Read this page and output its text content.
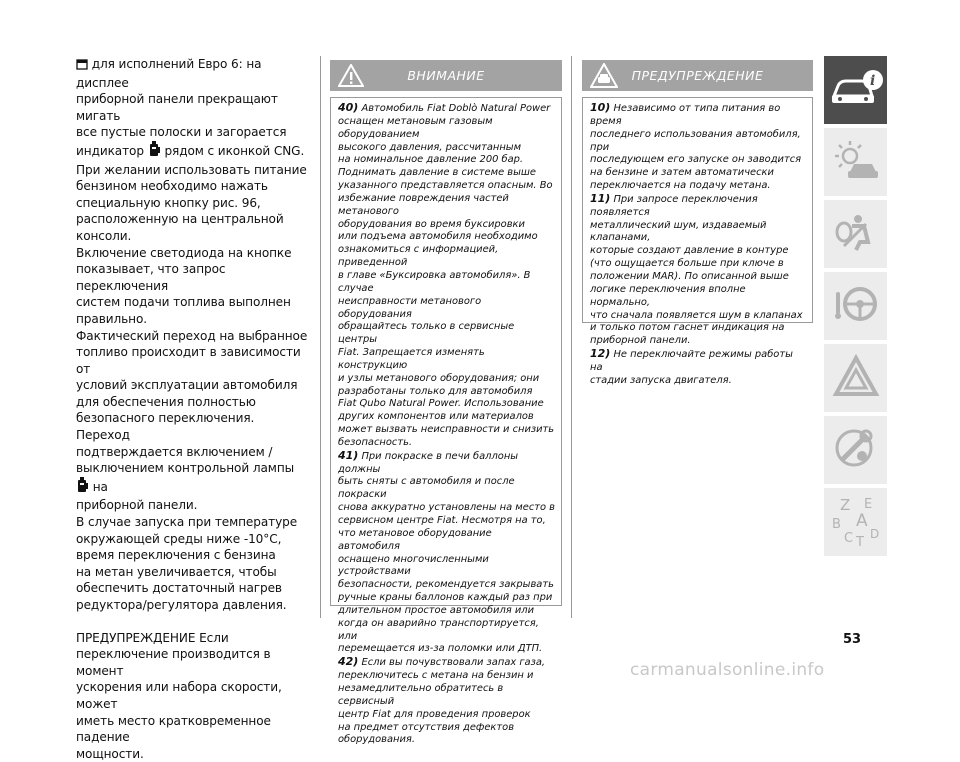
для исполнений Евро 6: на дисплее

приборной панели прекращают мигать

все пустые полоски и загорается

индикатор рядом с иконкой CNG.

При желании использовать питание

бензином необходимо нажать

специальную кнопку рис. 96,

расположенную на центральной

консоли.

Включение светодиода на кнопке

показывает, что запрос переключения

систем подачи топлива выполнен

правильно.

Фактический переход на выбранное

топливо происходит в зависимости от

условий эксплуатации автомобиля

для обеспечения полностью

безопасного переключения. Переход

подтверждается включением /

выключением контрольной лампы  на

приборной панели.

В случае запуска при температуре

окружающей среды ниже -10°C,

время переключения с бензина

на метан увеличивается, чтобы

обеспечить достаточный нагрев

редуктора/регулятора давления.

ПРЕДУПРЕЖДЕНИЕ Если

переключение производится в момент

ускорения или набора скорости, может

иметь место кратковременное падение

мощности.

ВНИМАНИЕ

40) Автомобиль Fiat Doblò Natural Power

оснащен метановым газовым оборудованием

высокого давления, рассчитанным

на номинальное давление 200 бар.

Поднимать давление в системе выше

указанного представляется опасным. Во

избежание повреждения частей метанового

оборудования во время буксировки

или подъема автомобиля необходимо

ознакомиться с информацией, приведенной

в главе «Буксировка автомобиля». В случае

неисправности метанового оборудования

обращайтесь только в сервисные центры

Fiat. Запрещается изменять конструкцию

и узлы метанового оборудования; они

разработаны только для автомобиля

Fiat Qubo Natural Power. Использование

других компонентов или материалов

может вызвать неисправности и снизить

безопасность.

41) При покраске в печи баллоны должны

быть сняты с автомобиля и после покраски

снова аккуратно установлены на место в

сервисном центре Fiat. Несмотря на то,

что метановое оборудование автомобиля

оснащено многочисленными устройствами

безопасности, рекомендуется закрывать

ручные краны баллонов каждый раз при

длительном простое автомобиля или

когда он аварийно транспортируется, или

перемещается из-за поломки или ДТП.

42) Если вы почувствовали запах газа,

переключитесь с метана на бензин и

незамедлительно обратитесь в сервисный

центр Fiat для проведения проверок

на предмет отсутствия дефектов

оборудования.

ПРЕДУПРЕЖДЕНИЕ

10) Независимо от типа питания во время

последнего использования автомобиля, при

последующем его запуске он заводится

на бензине и затем автоматически

переключается на подачу метана.

11) При запросе переключения появляется

металлический шум, издаваемый клапанами,

которые создают давление в контуре

(что ощущается больше при ключе в

положении MAR). По описанной выше

логике переключения вполне нормально,

что сначала появляется шум в клапанах

и только потом гаснет индикация на

приборной панели.

12) Не переключайте режимы работы на

стадии запуска двигателя.

i
Z E
B A
C T
D
53
carmanualsonline.info
